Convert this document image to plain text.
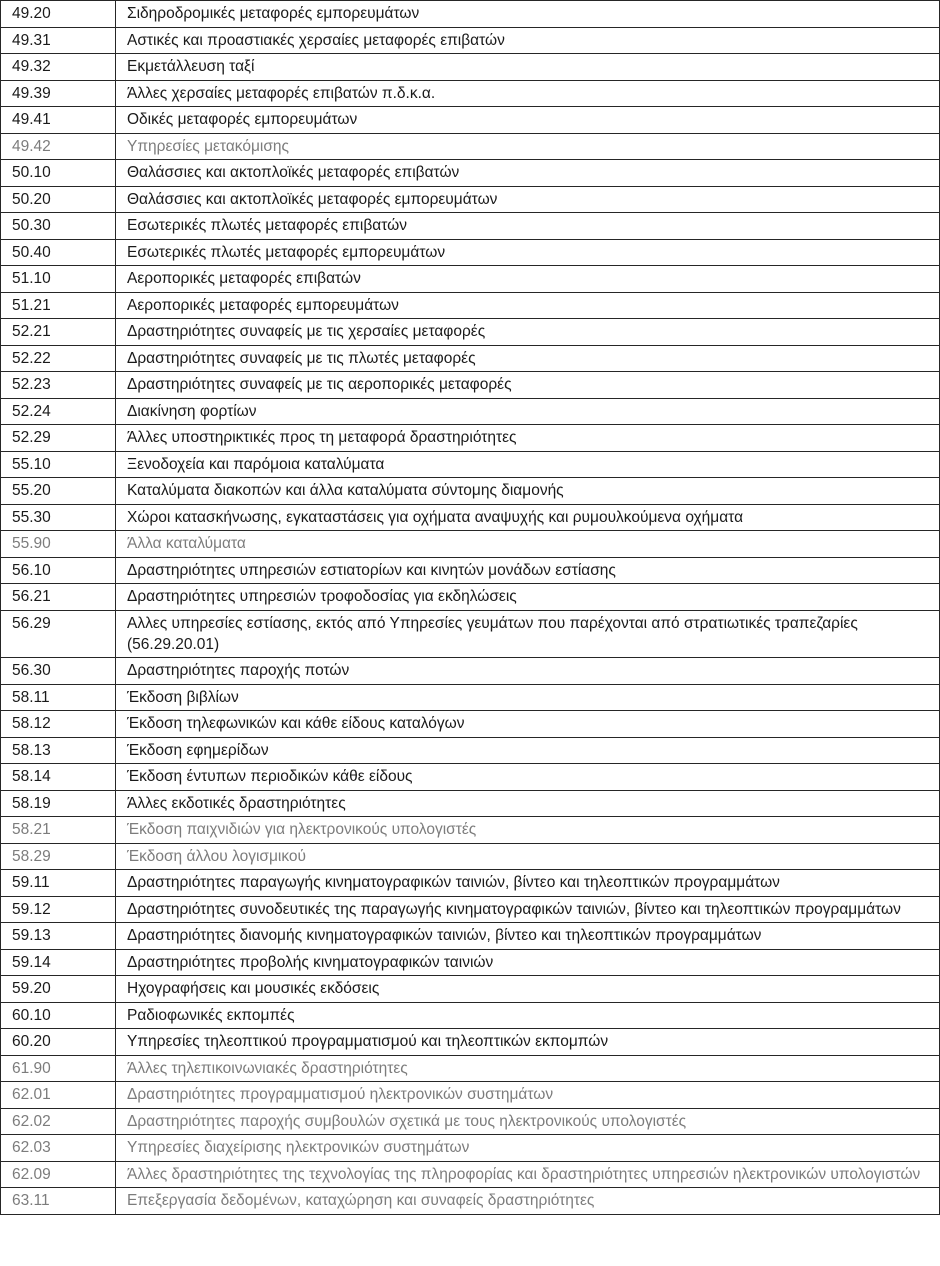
49.20	Σιδηροδρομικές μεταφορές εμπορευμάτων
49.31	Αστικές και προαστιακές χερσαίες μεταφορές επιβατών
49.32	Εκμετάλλευση ταξί
49.39	Άλλες χερσαίες μεταφορές επιβατών π.δ.κ.α.
49.41	Οδικές μεταφορές εμπορευμάτων
49.42	Υπηρεσίες μετακόμισης
50.10	Θαλάσσιες και ακτοπλοϊκές μεταφορές επιβατών
50.20	Θαλάσσιες και ακτοπλοϊκές μεταφορές εμπορευμάτων
50.30	Εσωτερικές πλωτές μεταφορές επιβατών
50.40	Εσωτερικές πλωτές μεταφορές εμπορευμάτων
51.10	Αεροπορικές μεταφορές επιβατών
51.21	Αεροπορικές μεταφορές εμπορευμάτων
52.21	Δραστηριότητες συναφείς με τις χερσαίες μεταφορές
52.22	Δραστηριότητες συναφείς με τις πλωτές μεταφορές
52.23	Δραστηριότητες συναφείς με τις αεροπορικές μεταφορές
52.24	Διακίνηση φορτίων
52.29	Άλλες υποστηρικτικές προς τη μεταφορά δραστηριότητες
55.10	Ξενοδοχεία και παρόμοια καταλύματα
55.20	Καταλύματα διακοπών και άλλα καταλύματα σύντομης διαμονής
55.30	Χώροι κατασκήνωσης, εγκαταστάσεις για οχήματα αναψυχής και ρυμουλκούμενα οχήματα
55.90	Άλλα καταλύματα
56.10	Δραστηριότητες υπηρεσιών εστιατορίων και κινητών μονάδων εστίασης
56.21	Δραστηριότητες υπηρεσιών τροφοδοσίας για εκδηλώσεις
56.29	Αλλες υπηρεσίες εστίασης, εκτός από Υπηρεσίες γευμάτων που παρέχονται από στρατιωτικές τραπεζαρίες (56.29.20.01)
56.30	Δραστηριότητες παροχής ποτών
58.11	Έκδοση βιβλίων
58.12	Έκδοση τηλεφωνικών και κάθε είδους καταλόγων
58.13	Έκδοση εφημερίδων
58.14	Έκδοση έντυπων περιοδικών κάθε είδους
58.19	Άλλες εκδοτικές δραστηριότητες
58.21	Έκδοση παιχνιδιών για ηλεκτρονικούς υπολογιστές
58.29	Έκδοση άλλου λογισμικού
59.11	Δραστηριότητες παραγωγής κινηματογραφικών ταινιών, βίντεο και τηλεοπτικών προγραμμάτων
59.12	Δραστηριότητες συνοδευτικές της παραγωγής κινηματογραφικών ταινιών, βίντεο και τηλεοπτικών προγραμμάτων
59.13	Δραστηριότητες διανομής κινηματογραφικών ταινιών, βίντεο και τηλεοπτικών προγραμμάτων
59.14	Δραστηριότητες προβολής κινηματογραφικών ταινιών
59.20	Ηχογραφήσεις και μουσικές εκδόσεις
60.10	Ραδιοφωνικές εκπομπές
60.20	Υπηρεσίες τηλεοπτικού προγραμματισμού και τηλεοπτικών εκπομπών
61.90	Άλλες τηλεπικοινωνιακές δραστηριότητες
62.01	Δραστηριότητες προγραμματισμού ηλεκτρονικών συστημάτων
62.02	Δραστηριότητες παροχής συμβουλών σχετικά με τους ηλεκτρονικούς υπολογιστές
62.03	Υπηρεσίες διαχείρισης ηλεκτρονικών συστημάτων
62.09	Άλλες δραστηριότητες της τεχνολογίας της πληροφορίας και δραστηριότητες υπηρεσιών ηλεκτρονικών υπολογιστών
63.11	Επεξεργασία δεδομένων, καταχώρηση και συναφείς δραστηριότητες
